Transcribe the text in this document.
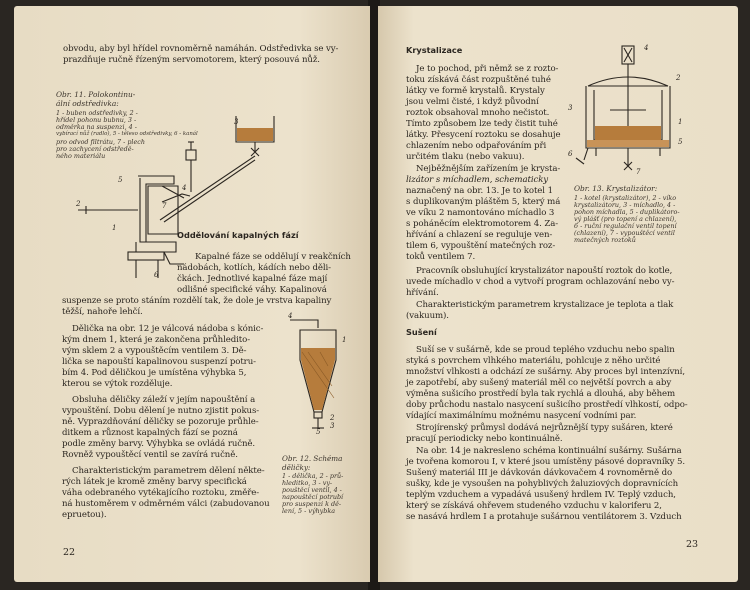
obvodu, aby byl hřídel rovnoměrně namáhán. Odstředivka se vy-
prazdňuje ručně řízeným servomotorem, který posouvá nůž.
Obr. 11. Polokontinu-
ální odstředivka:
1 - buben odstředivky, 2 -
hřídel pohonu bubnu, 3 -
odměrka na suspenzi, 4 -
vybírací nůž (radlo), 5 - těleso odstředivky, 6 - kanál
pro odvod filtrátu, 7 - plech
pro zachycení odstředě-
ného materiálu
3
5
4
7
2
1
6
Oddělování kapalných fází
Kapalné fáze se oddělují v reakčních
nádobách, kotlích, kádích nebo děli-
čkách. Jednotlivé kapalné fáze mají
odlišné specifické váhy. Kapalinová
suspenze se proto stáním rozdělí tak, že dole je vrstva kapaliny
těžší, nahoře lehčí.
Dělička na obr. 12 je válcová nádoba s kónic-
kým dnem 1, která je zakončena průhledito-
vým sklem 2 a vypouštěcím ventilem 3. Dě-
lička se napouští kapalinovou suspenzí potru-
bím 4. Pod děličkou je umístěna výhybka 5,
kterou se výtok rozděluje.
Obsluha děličky záleží v jejím napouštění a
vypouštění. Dobu dělení je nutno zjistit pokus-
ně. Vyprazdňování děličky se pozoruje průhle-
ditkem a různost kapalných fází se pozná
podle změny barvy. Výhybka se ovládá ručně.
Rovněž vypouštěcí ventil se zavírá ručně.
Charakteristickým parametrem dělení někte-
rých látek je kromě změny barvy specifická
váha odebraného vytékajícího roztoku, změře-
ná hustoměrem v odměrném válci (zabudovanou
epruetou).
4
1
2
3
5
Obr. 12. Schéma
děličky:
1 - dělička, 2 - prů-
hleditko, 3 - vy-
pouštěcí ventil, 4 -
napouštěcí potrubí
pro suspenzi k dě-
lení, 5 - výhybka
22
Krystalizace
Je to pochod, při němž se z rozto-
toku získává část rozpuštěné tuhé
látky ve formě krystalů. Krystaly
jsou velmi čisté, i když původní
roztok obsahoval mnoho nečistot.
Tímto způsobem lze tedy čistit tuhé
látky. Přesycení roztoku se dosahuje
chlazením nebo odpařováním při
určitém tlaku (nebo vakuu).
Nejběžnějším zařízením je krysta-
lizátor s míchadlem, schematicky
naznačený na obr. 13. Je to kotel 1
s duplikovaným pláštěm 5, který má
ve víku 2 namontováno míchadlo 3
s poháněcím elektromotorem 4. Za-
hřívání a chlazení se reguluje ven-
tilem 6, vypouštění matečných roz-
toků ventilem 7.
4
2
3
1
5
6
7
Obr. 13. Krystalizátor:
1 - kotel (krystalizátor), 2 - víko
krystalizátoru, 3 - míchadlo, 4 -
pohon míchadla, 5 - duplikátoro-
vý plášť (pro topení a chlazení),
6 - ruční regulační ventil topení
(chlazení), 7 - vypouštěcí ventil
matečných roztoků
Pracovník obsluhující krystalizátor napouští roztok do kotle,
uvede míchadlo v chod a vytvoří program ochlazování nebo vy-
hřívání.
Charakteristickým parametrem krystalizace je teplota a tlak
(vakuum).
Sušení
Suší se v sušárně, kde se proud teplého vzduchu nebo spalin
styká s povrchem vlhkého materiálu, pohlcuje z něho určité
množství vlhkosti a odchází ze sušárny. Aby proces byl intenzívní,
je zapotřebí, aby sušený materiál měl co největší povrch a aby
výměna sušicího prostředí byla tak rychlá a dlouhá, aby během
doby průchodu nastalo nasycení sušicího prostředí vlhkostí, odpo-
vídající maximálnímu možnému nasycení vodními par.
Strojírenský průmysl dodává nejrůznější typy sušáren, které
pracují periodicky nebo kontinuálně.
Na obr. 14 je nakresleno schéma kontinuální sušárny. Sušárna
je tvořena komorou I, v které jsou umístěny pásové dopravníky 5.
Sušený materiál III je dávkován dávkovačem 4 rovnoměrně do
sušky, kde je vysoušen na pohyblivých žaluziových dopravnících
teplým vzduchem a vypadává usušený hrdlem IV. Teplý vzduch,
který se získává ohřevem studeného vzduchu v kaloriferu 2,
se nasává hrdlem I a protahuje sušárnou ventilátorem 3. Vzduch
23
